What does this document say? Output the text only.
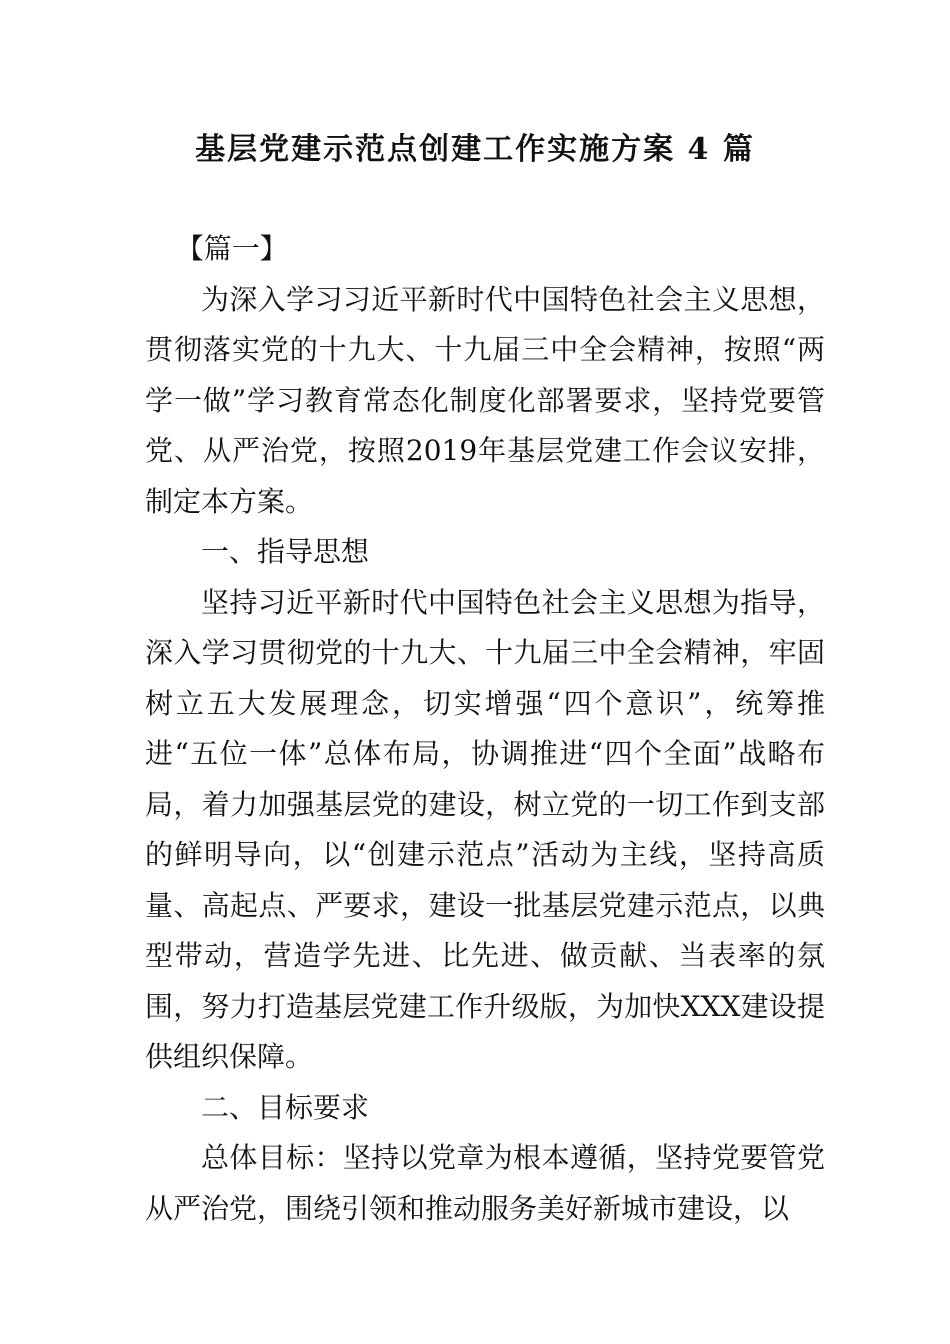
基层党建示范点创建工作实施方案 4 篇

【篇一】

为深入学习习近平新时代中国特色社会主义思想，贯彻落实党的十九大、十九届三中全会精神，按照“两学一做”学习教育常态化制度化部署要求，坚持党要管党、从严治党，按照2019年基层党建工作会议安排，制定本方案。

一、指导思想

坚持习近平新时代中国特色社会主义思想为指导，深入学习贯彻党的十九大、十九届三中全会精神，牢固树立五大发展理念，切实增强“四个意识”，统筹推进“五位一体”总体布局，协调推进“四个全面”战略布局，着力加强基层党的建设，树立党的一切工作到支部的鲜明导向，以“创建示范点”活动为主线，坚持高质量、高起点、严要求，建设一批基层党建示范点，以典型带动，营造学先进、比先进、做贡献、当表率的氛围，努力打造基层党建工作升级版，为加快XXX建设提供组织保障。

二、目标要求

总体目标：坚持以党章为根本遵循，坚持党要管党从严治党，围绕引领和推动服务美好新城市建设，以
